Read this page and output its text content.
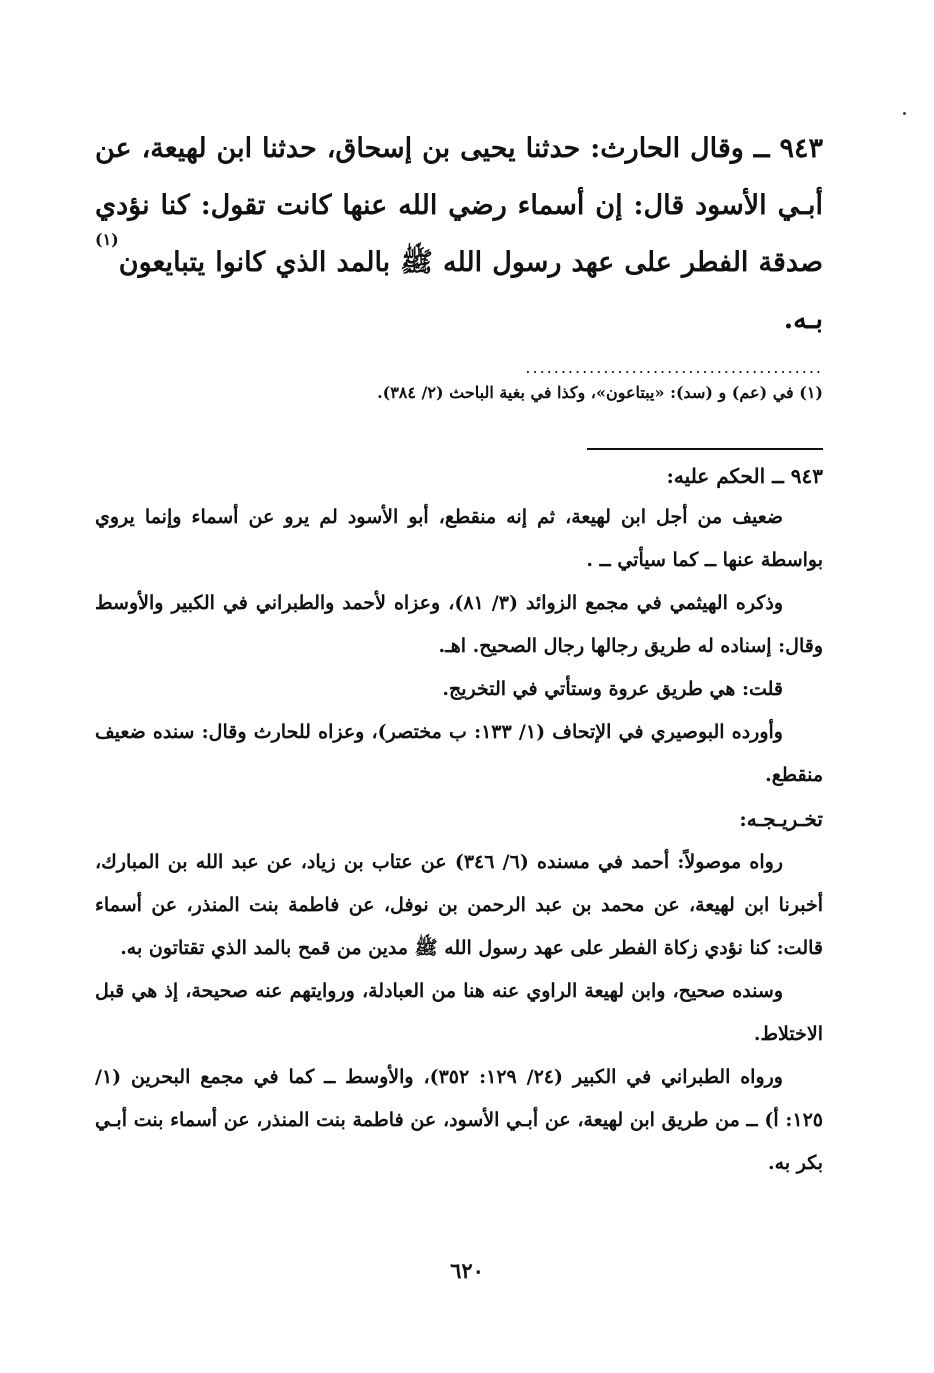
٩٤٣ ــ وقال الحارث: حدثنا يحيى بن إسحاق، حدثنا ابن لهيعة، عن أبـي الأسود قال: إن أسماء رضي الله عنها كانت تقول: كنا نؤدي صدقة الفطر على عهد رسول الله ﷺ بالمد الذي كانوا يتبايعون$^{(١)}$ بـه.

..........................................
(١) في (عم) و (سد): «يبتاعون»، وكذا في بغية الباحث (٢/ ٣٨٤).
٩٤٣ ــ الحكم عليه:

ضعيف من أجل ابن لهيعة، ثم إنه منقطع، أبو الأسود لم يرو عن أسماء وإنما يروي بواسطة عنها ــ كما سيأتي ــ .

وذكره الهيثمي في مجمع الزوائد (٣/ ٨١)، وعزاه لأحمد والطبراني في الكبير والأوسط وقال: إسناده له طريق رجالها رجال الصحيح. اهـ.

قلت: هي طريق عروة وستأتي في التخريج.

وأورده البوصيري في الإتحاف (١/ ١٣٣: ب مختصر)، وعزاه للحارث وقال: سنده ضعيف منقطع.

تخـريـجـه:

رواه موصولاً: أحمد في مسنده (٦/ ٣٤٦) عن عتاب بن زياد، عن عبد الله بن المبارك، أخبرنا ابن لهيعة، عن محمد بن عبد الرحمن بن نوفل، عن فاطمة بنت المنذر، عن أسماء قالت: كنا نؤدي زكاة الفطر على عهد رسول الله ﷺ مدين من قمح بالمد الذي تقتاتون به.

وسنده صحيح، وابن لهيعة الراوي عنه هنا من العبادلة، وروايتهم عنه صحيحة، إذ هي قبل الاختلاط.

ورواه الطبراني في الكبير (٢٤/ ١٢٩: ٣٥٢)، والأوسط ــ كما في مجمع البحرين (١/ ١٢٥: أ) ــ من طريق ابن لهيعة، عن أبـي الأسود، عن فاطمة بنت المنذر، عن أسماء بنت أبـي بكر به.

٦٢٠
